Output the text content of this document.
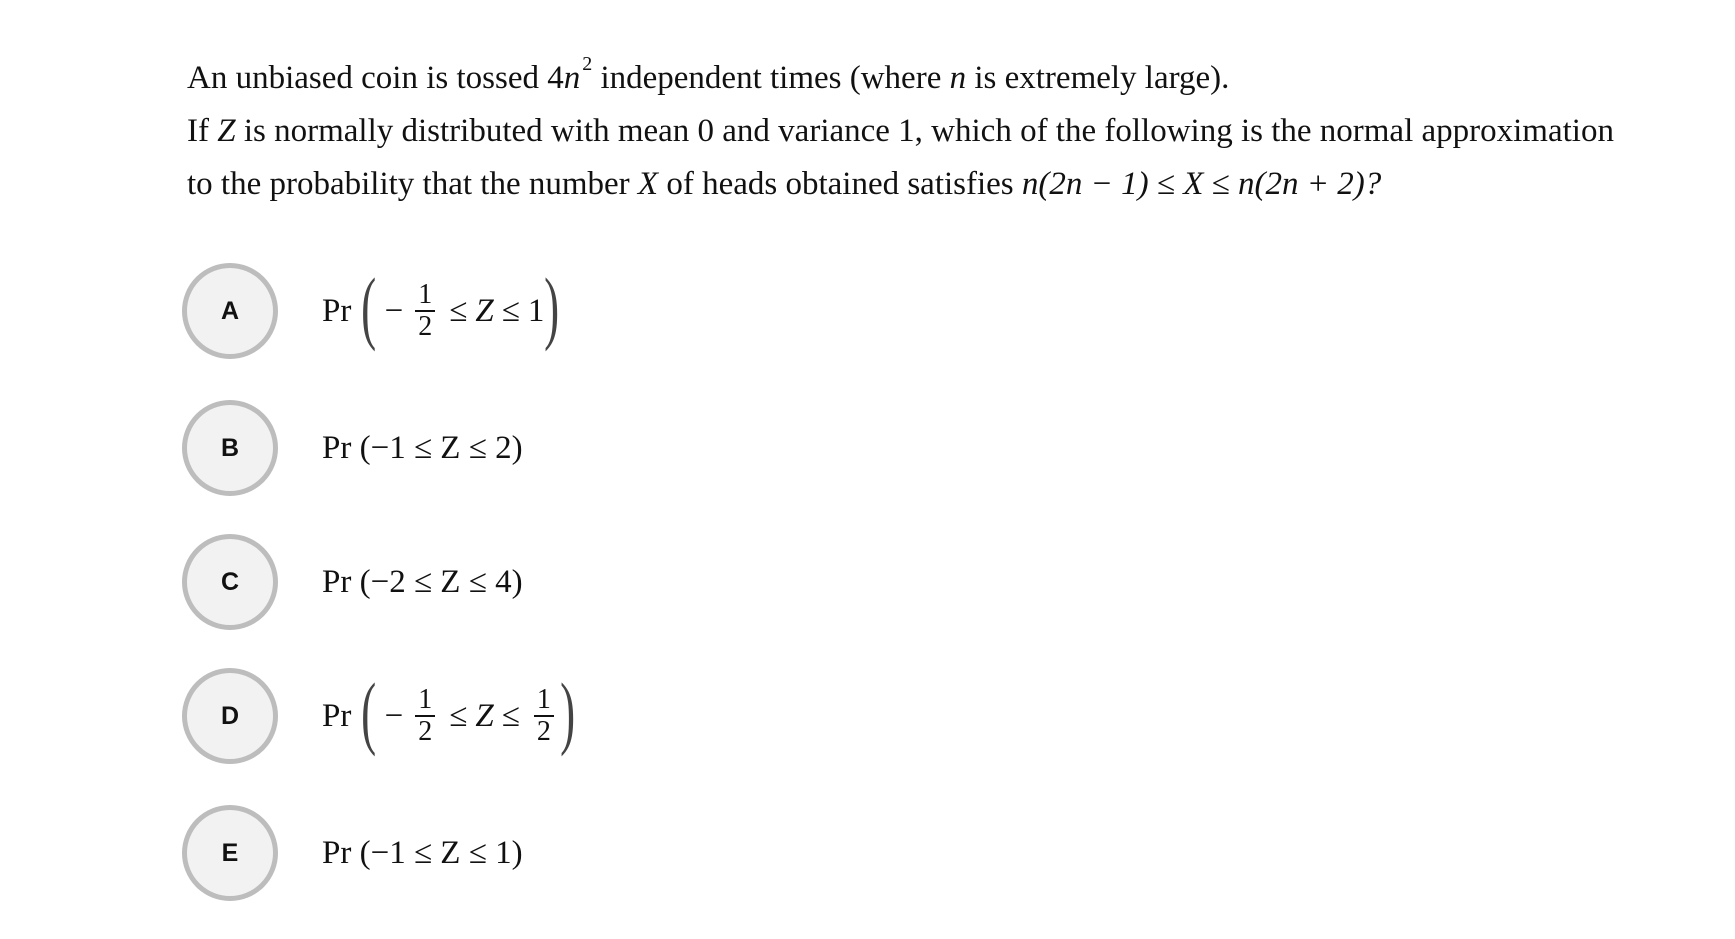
An unbiased coin is tossed 4n $^2$ independent times (where n is extremely large).

If Z is normally distributed with mean 0 and variance 1, which of the following is the normal approximation

to the probability that the number X of heads obtained satisfies n(2n − 1) ≤ X ≤ n(2n + 2)?

A	Pr ( − $\frac{1}{2} \le Z \le 1$ )
B	Pr (−1 ≤ Z ≤ 2)
C	Pr (−2 ≤ Z ≤ 4)
D	Pr ( − $\frac{1}{2} \le Z \le \frac{1}{2}$ )
E	Pr (−1 ≤ Z ≤ 1)
